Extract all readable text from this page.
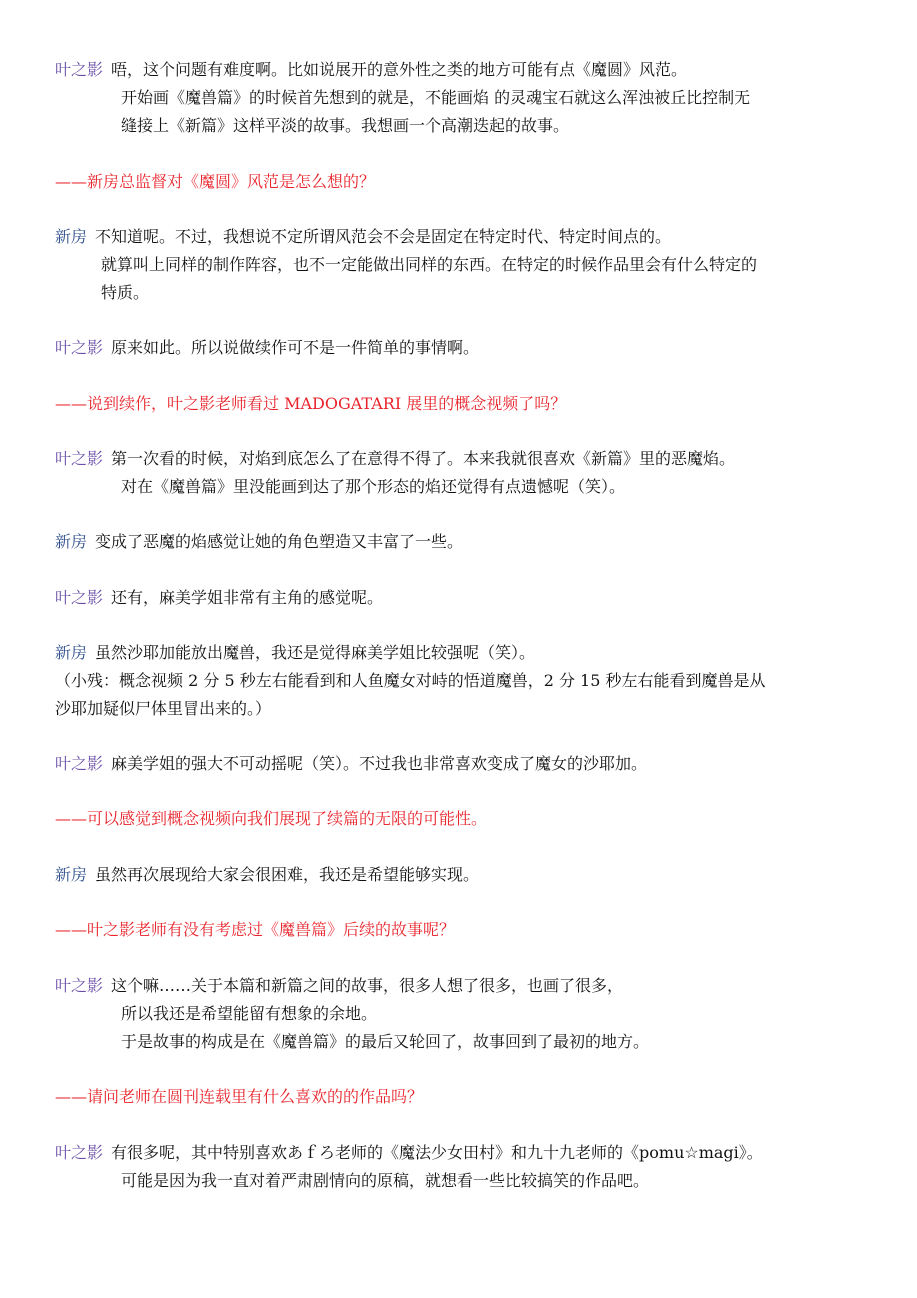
叶之影 唔，这个问题有难度啊。比如说展开的意外性之类的地方可能有点《魔圆》风范。
开始画《魔兽篇》的时候首先想到的就是，不能画焰 的灵魂宝石就这么浑浊被丘比控制无
缝接上《新篇》这样平淡的故事。我想画一个高潮迭起的故事。
——新房总监督对《魔圆》风范是怎么想的？
新房 不知道呢。不过，我想说不定所谓风范会不会是固定在特定时代、特定时间点的。
就算叫上同样的制作阵容，也不一定能做出同样的东西。在特定的时候作品里会有什么特定的
特质。
叶之影 原来如此。所以说做续作可不是一件简单的事情啊。
——说到续作，叶之影老师看过 MADOGATARI 展里的概念视频了吗？
叶之影 第一次看的时候，对焰到底怎么了在意得不得了。本来我就很喜欢《新篇》里的恶魔焰。
对在《魔兽篇》里没能画到达了那个形态的焰还觉得有点遗憾呢（笑）。
新房 变成了恶魔的焰感觉让她的角色塑造又丰富了一些。
叶之影 还有，麻美学姐非常有主角的感觉呢。
新房 虽然沙耶加能放出魔兽，我还是觉得麻美学姐比较强呢（笑）。
（小残：概念视频 2 分 5 秒左右能看到和人鱼魔女对峙的悟道魔兽，2 分 15 秒左右能看到魔兽是从
沙耶加疑似尸体里冒出来的。）
叶之影 麻美学姐的强大不可动摇呢（笑）。不过我也非常喜欢变成了魔女的沙耶加。
——可以感觉到概念视频向我们展现了续篇的无限的可能性。
新房 虽然再次展现给大家会很困难，我还是希望能够实现。
——叶之影老师有没有考虑过《魔兽篇》后续的故事呢？
叶之影 这个嘛……关于本篇和新篇之间的故事，很多人想了很多，也画了很多，
所以我还是希望能留有想象的余地。
于是故事的构成是在《魔兽篇》的最后又轮回了，故事回到了最初的地方。
——请问老师在圆刊连载里有什么喜欢的的作品吗？
叶之影 有很多呢，其中特别喜欢あｆろ老师的《魔法少女田村》和九十九老师的《pomu☆magi》。
可能是因为我一直对着严肃剧情向的原稿，就想看一些比较搞笑的作品吧。
